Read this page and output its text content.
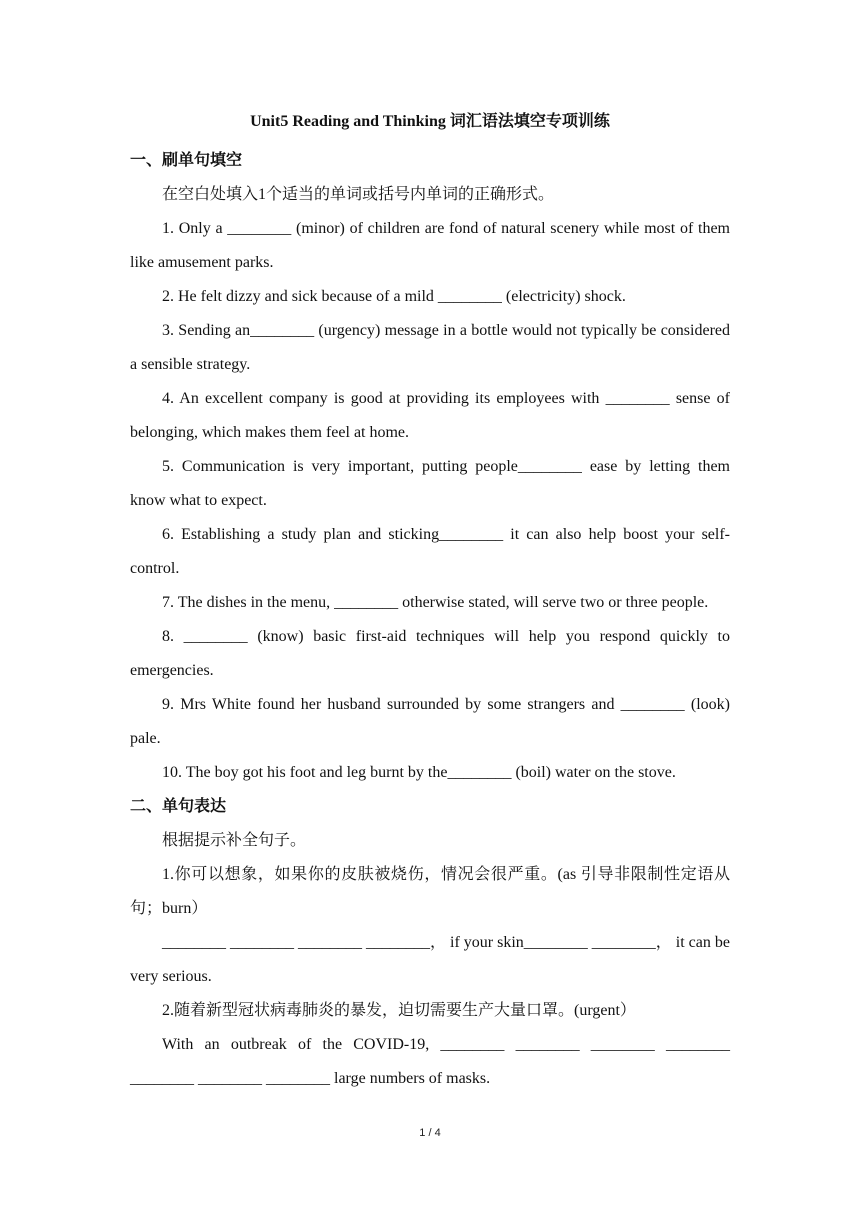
Unit5 Reading and Thinking 词汇语法填空专项训练

一、刷单句填空

在空白处填入1个适当的单词或括号内单词的正确形式。

1. Only a ________ (minor) of children are fond of natural scenery while most of them like amusement parks.

2. He felt dizzy and sick because of a mild ________ (electricity) shock.

3. Sending an________ (urgency) message in a bottle would not typically be considered a sensible strategy.

4. An excellent company is good at providing its employees with ________ sense of belonging, which makes them feel at home.

5. Communication is very important, putting people________ ease by letting them know what to expect.

6. Establishing a study plan and sticking________ it can also help boost your self-control.

7. The dishes in the menu, ________ otherwise stated, will serve two or three people.

8. ________ (know) basic first-aid techniques will help you respond quickly to emergencies.

9. Mrs White found her husband surrounded by some strangers and ________ (look) pale.

10. The boy got his foot and leg burnt by the________ (boil) water on the stove.

二、单句表达

根据提示补全句子。

1.你可以想象，如果你的皮肤被烧伤，情况会很严重。(as 引导非限制性定语从句；burn）

________ ________ ________ ________， if your skin________ ________， it can be very serious.

2.随着新型冠状病毒肺炎的暴发，迫切需要生产大量口罩。(urgent）

With an outbreak of the COVID-19, ________ ________ ________ ________ ________ ________ ________ large numbers of masks.

1 / 4
